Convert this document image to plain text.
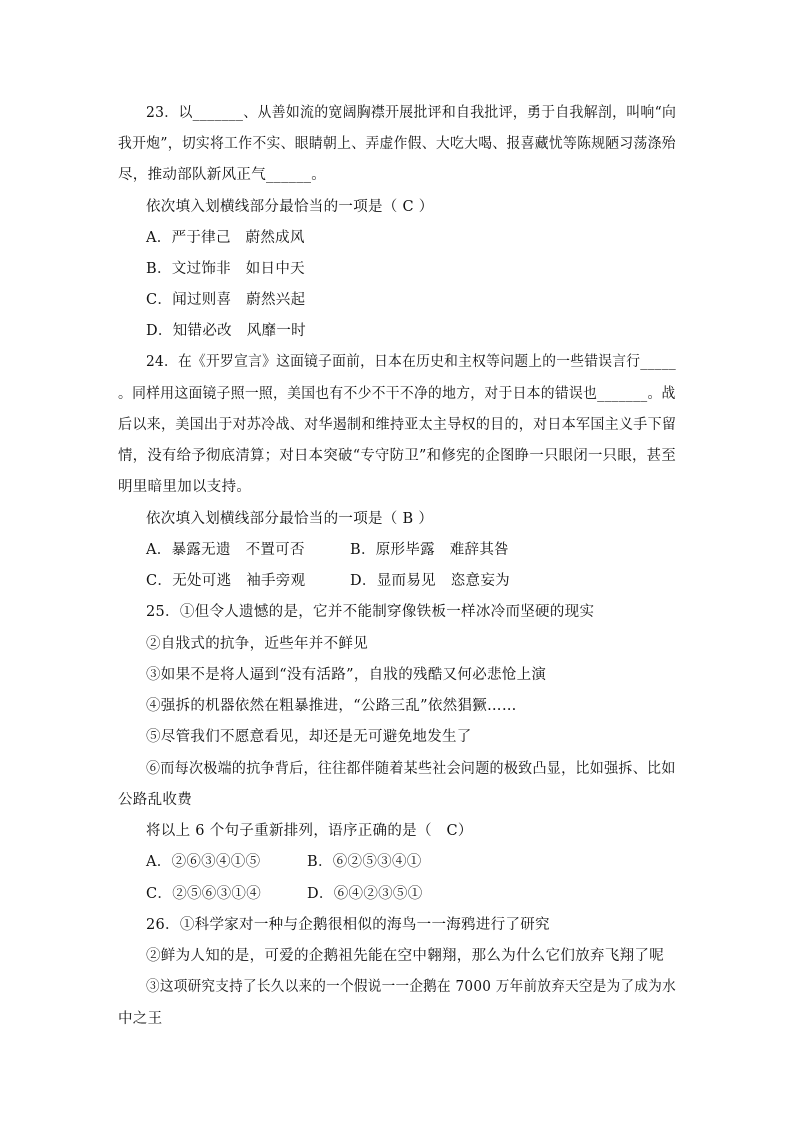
23．以_______、从善如流的宽阔胸襟开展批评和自我批评，勇于自我解剖，叫响“向
我开炮”，切实将工作不实、眼睛朝上、弄虚作假、大吃大喝、报喜藏忧等陈规陋习荡涤殆
尽，推动部队新风正气______。
依次填入划横线部分最恰当的一项是（ C ）
A．严于律己　蔚然成风
B．文过饰非　如日中天
C．闻过则喜　蔚然兴起
D．知错必改　风靡一时
24．在《开罗宣言》这面镜子面前，日本在历史和主权等问题上的一些错误言行_____
。同样用这面镜子照一照，美国也有不少不干不净的地方，对于日本的错误也_______。战
后以来，美国出于对苏冷战、对华遏制和维持亚太主导权的目的，对日本军国主义手下留
情，没有给予彻底清算；对日本突破“专守防卫”和修宪的企图睁一只眼闭一只眼，甚至
明里暗里加以支持。
依次填入划横线部分最恰当的一项是（ B ）
A．暴露无遗　不置可否	B．原形毕露　难辞其咎
C．无处可逃　袖手旁观	D．显而易见　恣意妄为
25．①但令人遗憾的是，它并不能制穿像铁板一样冰冷而坚硬的现实
②自戕式的抗争，近些年并不鲜见
③如果不是将人逼到“没有活路”，自戕的残酷又何必悲怆上演
④强拆的机器依然在粗暴推进，“公路三乱”依然猖獗……
⑤尽管我们不愿意看见，却还是无可避免地发生了
⑥而每次极端的抗争背后，往往都伴随着某些社会问题的极致凸显，比如强拆、比如
公路乱收费
将以上 6 个句子重新排列，语序正确的是（　C）
A．②⑥③④①⑤	B．⑥②⑤③④①
C．②⑤⑥③①④	D．⑥④②③⑤①
26．①科学家对一种与企鹅很相似的海鸟一一海鸦进行了研究
②鲜为人知的是，可爱的企鹅祖先能在空中翱翔，那么为什么它们放弃飞翔了呢
③这项研究支持了长久以来的一个假说一一企鹅在 7000 万年前放弃天空是为了成为水
中之王
